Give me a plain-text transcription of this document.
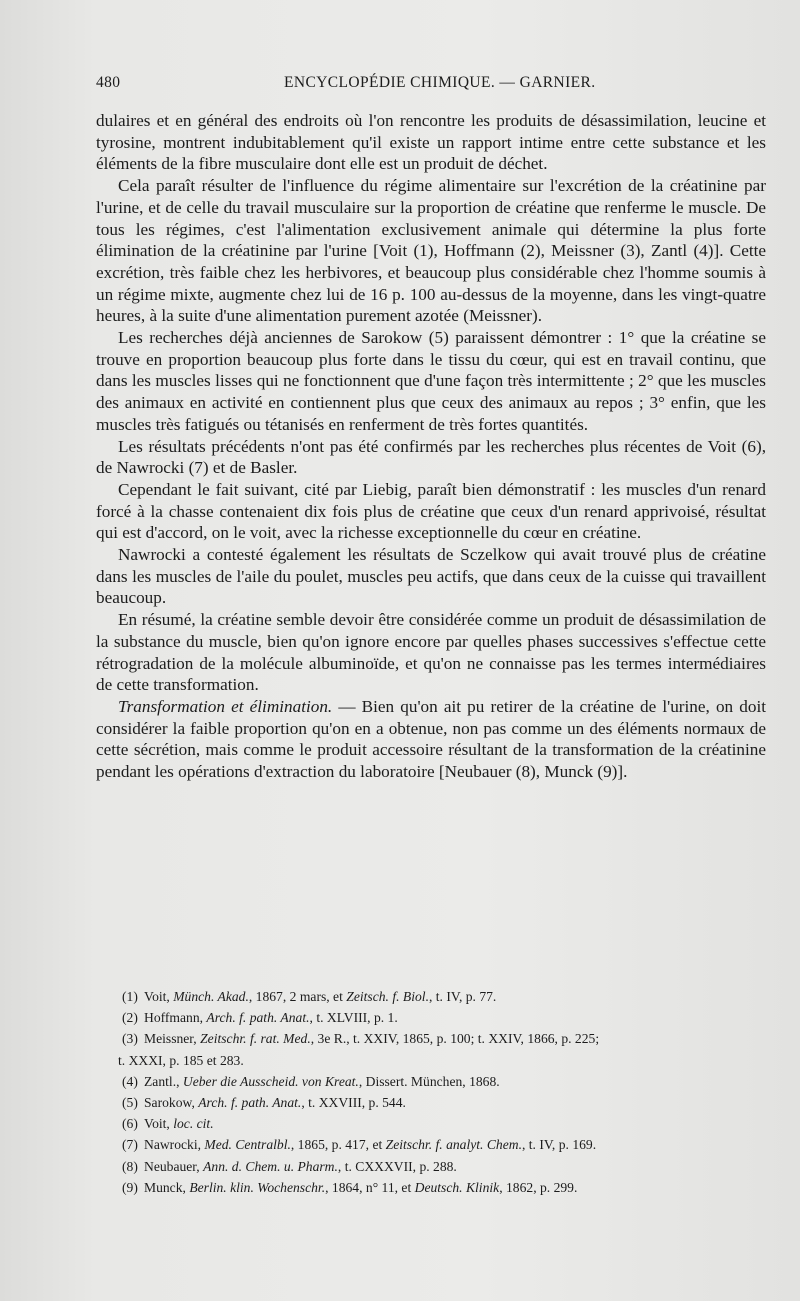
480	ENCYCLOPÉDIE CHIMIQUE. — GARNIER.

dulaires et en général des endroits où l'on rencontre les produits de désassimilation, leucine et tyrosine, montrent indubitablement qu'il existe un rapport intime entre cette substance et les éléments de la fibre musculaire dont elle est un produit de déchet.

Cela paraît résulter de l'influence du régime alimentaire sur l'excrétion de la créatinine par l'urine, et de celle du travail musculaire sur la proportion de créatine que renferme le muscle. De tous les régimes, c'est l'alimentation exclusivement animale qui détermine la plus forte élimination de la créatinine par l'urine [Voit (1), Hoffmann (2), Meissner (3), Zantl (4)]. Cette excrétion, très faible chez les herbivores, et beaucoup plus considérable chez l'homme soumis à un régime mixte, augmente chez lui de 16 p. 100 au-dessus de la moyenne, dans les vingt-quatre heures, à la suite d'une alimentation purement azotée (Meissner).

Les recherches déjà anciennes de Sarokow (5) paraissent démontrer : 1° que la créatine se trouve en proportion beaucoup plus forte dans le tissu du cœur, qui est en travail continu, que dans les muscles lisses qui ne fonctionnent que d'une façon très intermittente ; 2° que les muscles des animaux en activité en contiennent plus que ceux des animaux au repos ; 3° enfin, que les muscles très fatigués ou tétanisés en renferment de très fortes quantités.

Les résultats précédents n'ont pas été confirmés par les recherches plus récentes de Voit (6), de Nawrocki (7) et de Basler.

Cependant le fait suivant, cité par Liebig, paraît bien démonstratif : les muscles d'un renard forcé à la chasse contenaient dix fois plus de créatine que ceux d'un renard apprivoisé, résultat qui est d'accord, on le voit, avec la richesse exceptionnelle du cœur en créatine.

Nawrocki a contesté également les résultats de Sczelkow qui avait trouvé plus de créatine dans les muscles de l'aile du poulet, muscles peu actifs, que dans ceux de la cuisse qui travaillent beaucoup.

En résumé, la créatine semble devoir être considérée comme un produit de désassimilation de la substance du muscle, bien qu'on ignore encore par quelles phases successives s'effectue cette rétrogradation de la molécule albuminoïde, et qu'on ne connaisse pas les termes intermédiaires de cette transformation.

Transformation et élimination. — Bien qu'on ait pu retirer de la créatine de l'urine, on doit considérer la faible proportion qu'on en a obtenue, non pas comme un des éléments normaux de cette sécrétion, mais comme le produit accessoire résultant de la transformation de la créatinine pendant les opérations d'extraction du laboratoire [Neubauer (8), Munck (9)].

(1) Voit, Münch. Akad., 1867, 2 mars, et Zeitsch. f. Biol., t. IV, p. 77.
(2) Hoffmann, Arch. f. path. Anat., t. XLVIII, p. 1.
(3) Meissner, Zeitschr. f. rat. Med., 3e R., t. XXIV, 1865, p. 100; t. XXIV, 1866, p. 225;
t. XXXI, p. 185 et 283.
(4) Zantl., Ueber die Ausscheid. von Kreat., Dissert. München, 1868.
(5) Sarokow, Arch. f. path. Anat., t. XXVIII, p. 544.
(6) Voit, loc. cit.
(7) Nawrocki, Med. Centralbl., 1865, p. 417, et Zeitschr. f. analyt. Chem., t. IV, p. 169.
(8) Neubauer, Ann. d. Chem. u. Pharm., t. CXXXVII, p. 288.
(9) Munck, Berlin. klin. Wochenschr., 1864, n° 11, et Deutsch. Klinik, 1862, p. 299.
